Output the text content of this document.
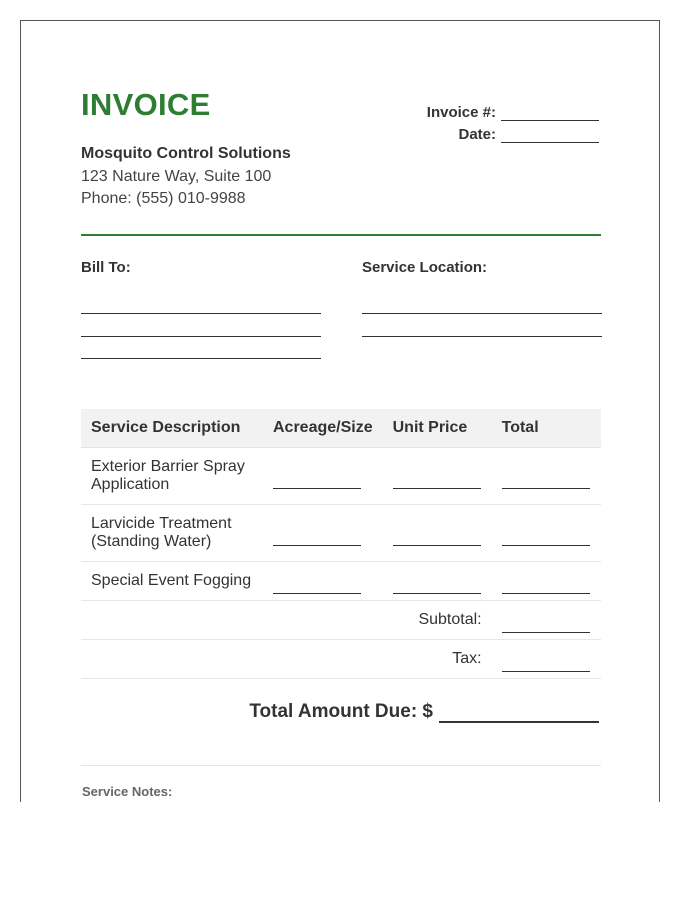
INVOICE	Invoice #:
Date:
Mosquito Control Solutions
123 Nature Way, Suite 100
Phone: (555) 010-9988
Bill To:	Service Location:
Service Description	Acreage/Size	Unit Price	Total

Exterior Barrier Spray
Application			

Larvicide Treatment
(Standing Water)			

Special Event Fogging			

Subtotal:			
Tax:			
Total Amount Due: $
Service Notes:
